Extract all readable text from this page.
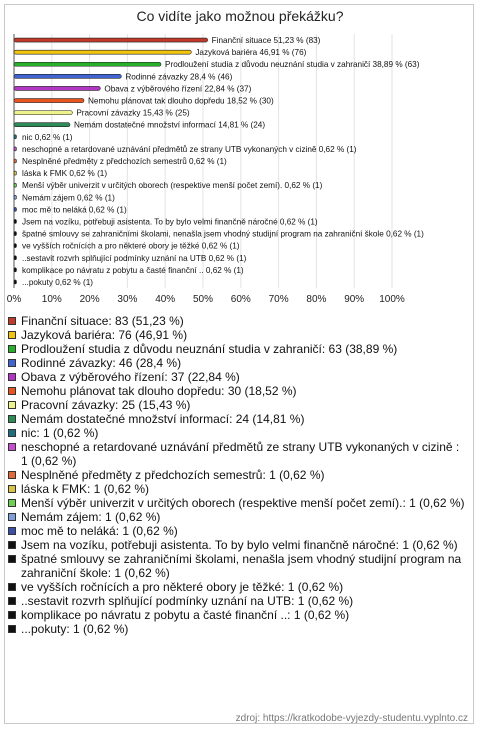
Co vidíte jako možnou překážku?
0% 10% 20% 30% 40% 50% 60% 70% 80% 90% 100%
Finanční situace 51,23 % (83)
Jazyková bariéra 46,91 % (76)
Prodloužení studia z důvodu neuznání studia v zahraničí 38,89 % (63)
Rodinné závazky 28,4 % (46)
Obava z výběrového řízení 22,84 % (37)
Nemohu plánovat tak dlouho dopředu 18,52 % (30)
Pracovní závazky 15,43 % (25)
Nemám dostatečné množství informací 14,81 % (24)
nic 0,62 % (1)
neschopné a retardované uznávání předmětů ze strany UTB vykonaných v cizině 0,62 % (1)
Nesplněné předměty z předchozích semestrů 0,62 % (1)
láska k FMK 0,62 % (1)
Menší výběr univerzit v určitých oborech (respektive menší počet zemí). 0,62 % (1)
Nemám zájem 0,62 % (1)
moc mě to neláká 0,62 % (1)
Jsem na vozíku, potřebuji asistenta. To by bylo velmi finančně náročné 0,62 % (1)
špatné smlouvy se zahraničními školami, nenašla jsem vhodný studijní program na zahraniční škole 0,62 % (1)
ve vyšších ročnících a pro některé obory je těžké 0,62 % (1)
..sestavit rozvrh splňující podmínky uznání na UTB 0,62 % (1)
komplikace po návratu z pobytu a časté finanční .. 0,62 % (1)
...pokuty 0,62 % (1)
Finanční situace: 83 (51,23 %)
Jazyková bariéra: 76 (46,91 %)
Prodloužení studia z důvodu neuznání studia v zahraničí: 63 (38,89 %)
Rodinné závazky: 46 (28,4 %)
Obava z výběrového řízení: 37 (22,84 %)
Nemohu plánovat tak dlouho dopředu: 30 (18,52 %)
Pracovní závazky: 25 (15,43 %)
Nemám dostatečné množství informací: 24 (14,81 %)
nic: 1 (0,62 %)
neschopné a retardované uznávání předmětů ze strany UTB vykonaných v cizině : 1 (0,62 %)
Nesplněné předměty z předchozích semestrů: 1 (0,62 %)
láska k FMK: 1 (0,62 %)
Menší výběr univerzit v určitých oborech (respektive menší počet zemí).: 1 (0,62 %)
Nemám zájem: 1 (0,62 %)
moc mě to neláká: 1 (0,62 %)
Jsem na vozíku, potřebuji asistenta. To by bylo velmi finančně náročné: 1 (0,62 %)
špatné smlouvy se zahraničními školami, nenašla jsem vhodný studijní program na zahraniční škole: 1 (0,62 %)
ve vyšších ročnících a pro některé obory je těžké: 1 (0,62 %)
..sestavit rozvrh splňující podmínky uznání na UTB: 1 (0,62 %)
komplikace po návratu z pobytu a časté finanční ..: 1 (0,62 %)
...pokuty: 1 (0,62 %)
zdroj: https://kratkodobe-vyjezdy-studentu.vyplnto.cz
